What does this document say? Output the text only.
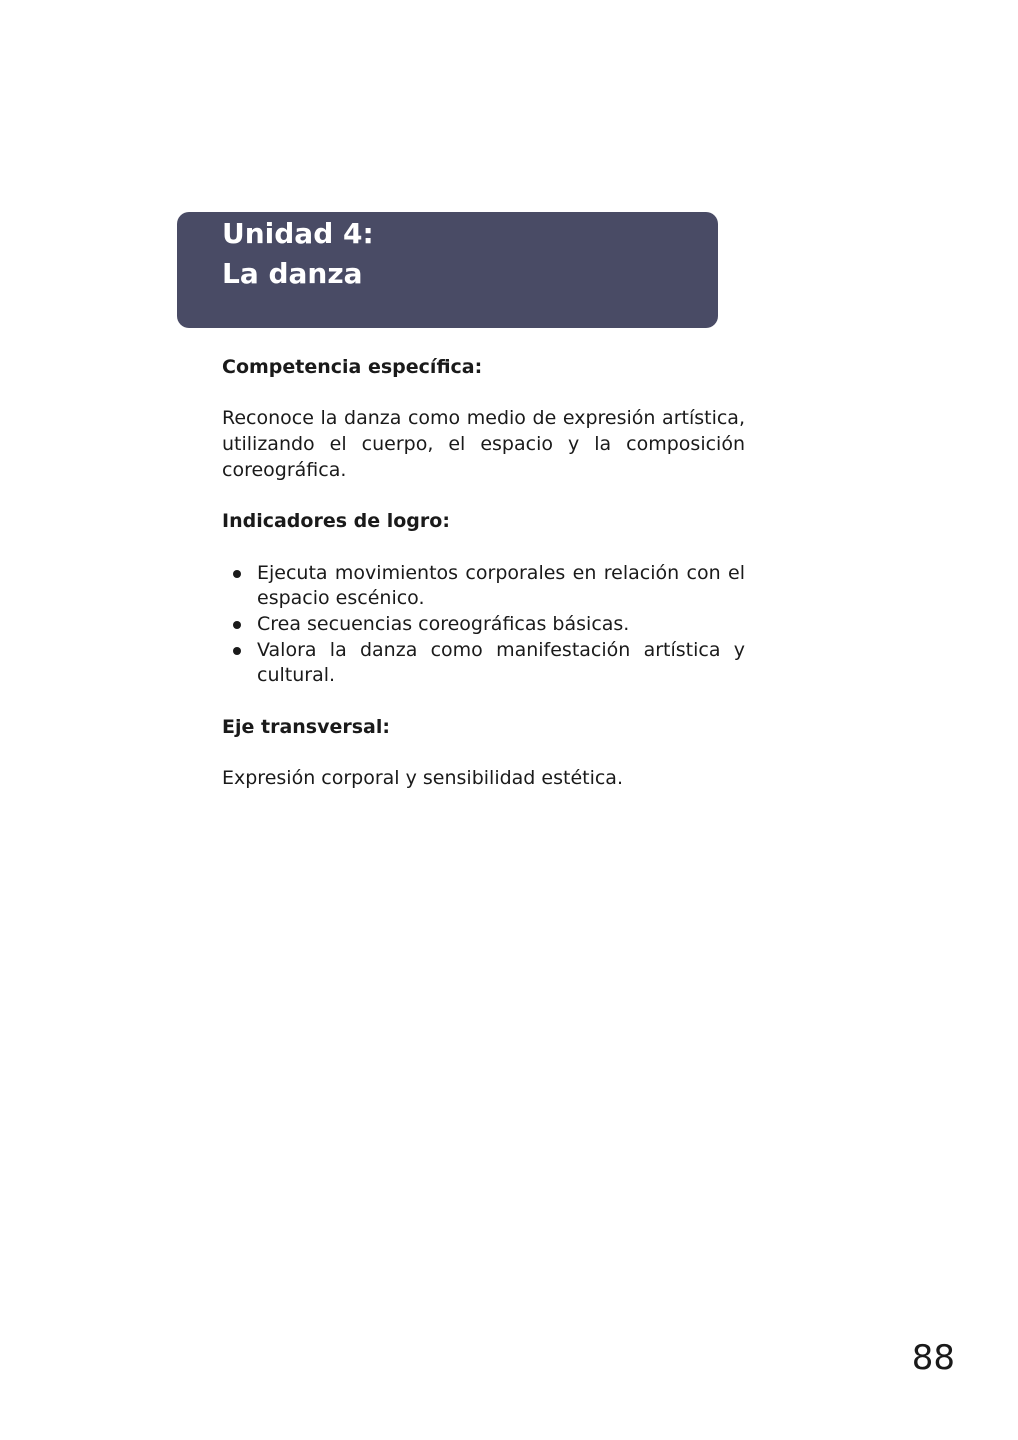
Unidad 4:
La danza
Competencia específica:

Reconoce la danza como medio de expresión artística, utilizando el cuerpo, el espacio y la composición coreográfica.

Indicadores de logro:
Ejecuta movimientos corporales en relación con el espacio escénico.
Crea secuencias coreográficas básicas.
Valora la danza como manifestación artística y cultural.
Eje transversal:

Expresión corporal y sensibilidad estética.

88
